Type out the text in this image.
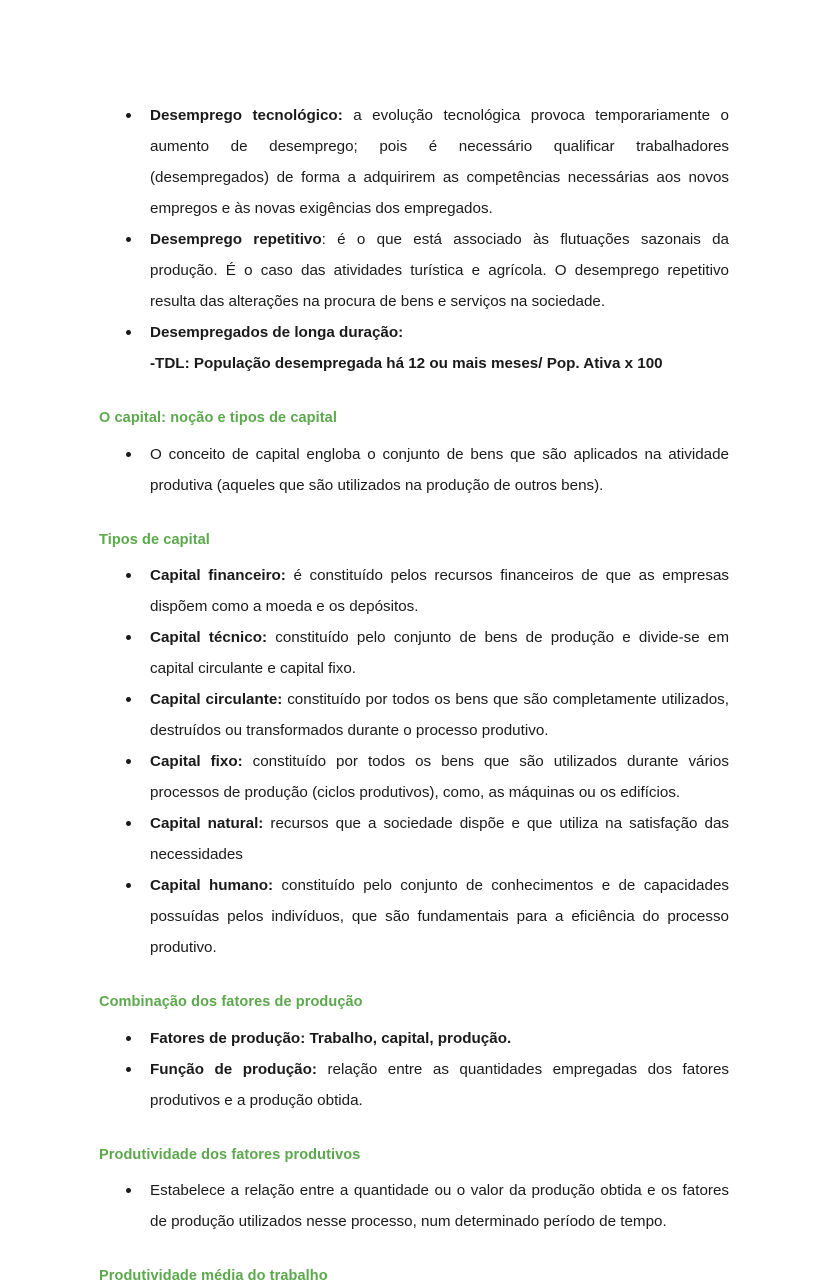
Desemprego tecnológico: a evolução tecnológica provoca temporariamente o aumento de desemprego; pois é necessário qualificar trabalhadores (desempregados) de forma a adquirirem as competências necessárias aos novos empregos e às novas exigências dos empregados.
Desemprego repetitivo: é o que está associado às flutuações sazonais da produção. É o caso das atividades turística e agrícola. O desemprego repetitivo resulta das alterações na procura de bens e serviços na sociedade.
Desempregados de longa duração:
-TDL: População desempregada há 12 ou mais meses/ Pop. Ativa x 100
O capital: noção e tipos de capital
O conceito de capital engloba o conjunto de bens que são aplicados na atividade produtiva (aqueles que são utilizados na produção de outros bens).
Tipos de capital
Capital financeiro: é constituído pelos recursos financeiros de que as empresas dispõem como a moeda e os depósitos.
Capital técnico: constituído pelo conjunto de bens de produção e divide-se em capital circulante e capital fixo.
Capital circulante: constituído por todos os bens que são completamente utilizados, destruídos ou transformados durante o processo produtivo.
Capital fixo: constituído por todos os bens que são utilizados durante vários processos de produção (ciclos produtivos), como, as máquinas ou os edifícios.
Capital natural: recursos que a sociedade dispõe e que utiliza na satisfação das necessidades
Capital humano: constituído pelo conjunto de conhecimentos e de capacidades possuídas pelos indivíduos, que são fundamentais para a eficiência do processo produtivo.
Combinação dos fatores de produção
Fatores de produção: Trabalho, capital, produção.
Função de produção: relação entre as quantidades empregadas dos fatores produtivos e a produção obtida.
Produtividade dos fatores produtivos
Estabelece a relação entre a quantidade ou o valor da produção obtida e os fatores de produção utilizados nesse processo, num determinado período de tempo.
Produtividade média do trabalho
